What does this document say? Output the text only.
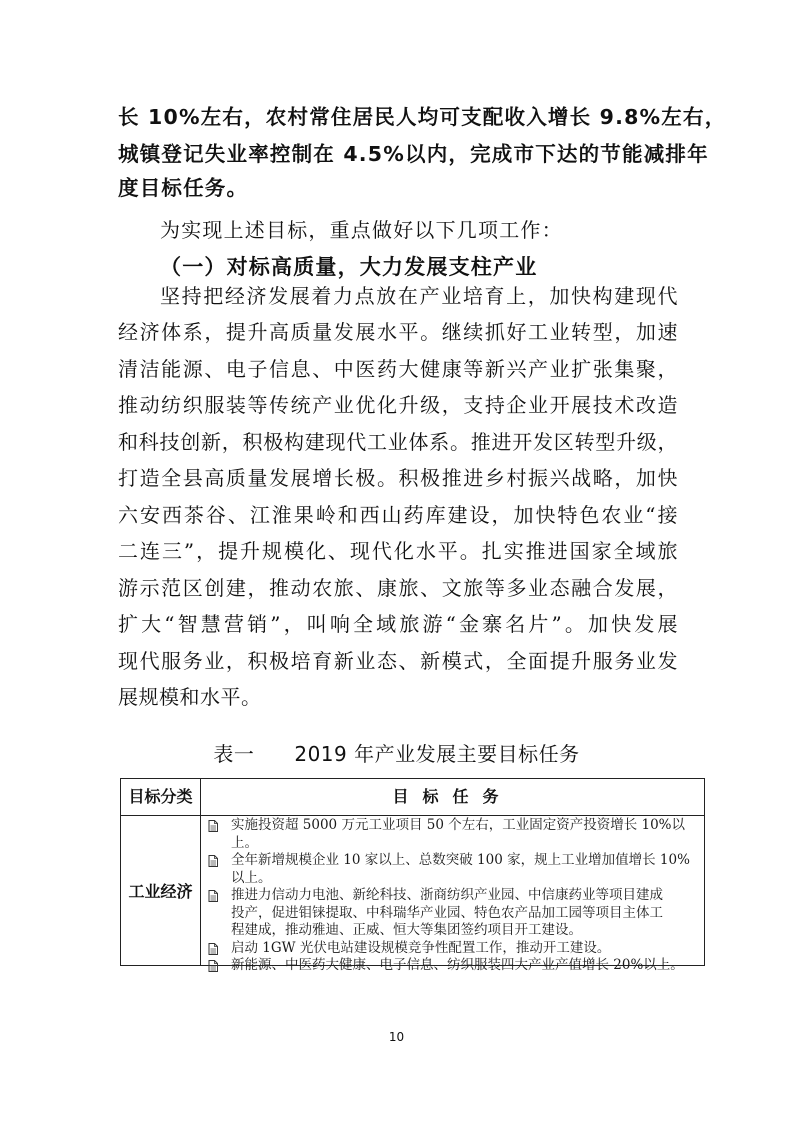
长 10%左右，农村常住居民人均可支配收入增长 9.8%左右，
城镇登记失业率控制在 4.5%以内，完成市下达的节能减排年
度目标任务。
为实现上述目标，重点做好以下几项工作：
（一）对标高质量，大力发展支柱产业
坚持把经济发展着力点放在产业培育上，加快构建现代
经济体系，提升高质量发展水平。继续抓好工业转型，加速
清洁能源、电子信息、中医药大健康等新兴产业扩张集聚，
推动纺织服装等传统产业优化升级，支持企业开展技术改造
和科技创新，积极构建现代工业体系。推进开发区转型升级，
打造全县高质量发展增长极。积极推进乡村振兴战略，加快
六安西茶谷、江淮果岭和西山药库建设，加快特色农业“接
二连三”，提升规模化、现代化水平。扎实推进国家全域旅
游示范区创建，推动农旅、康旅、文旅等多业态融合发展，
扩大“智慧营销”，叫响全域旅游“金寨名片”。加快发展
现代服务业，积极培育新业态、新模式，全面提升服务业发
展规模和水平。
表一 2019 年产业发展主要目标任务
目标分类	目标任务
工业经济
实施投资超 5000 万元工业项目 50 个左右，工业固定资产投资增长 10%以
上。
全年新增规模企业 10 家以上、总数突破 100 家，规上工业增加值增长 10%
以上。
推进力信动力电池、新纶科技、浙商纺织产业园、中信康药业等项目建成
投产，促进钼铼提取、中科瑞华产业园、特色农产品加工园等项目主体工
程建成，推动雅迪、正威、恒大等集团签约项目开工建设。
启动 1GW 光伏电站建设规模竞争性配置工作，推动开工建设。
新能源、中医药大健康、电子信息、纺织服装四大产业产值增长 20%以上。
10
